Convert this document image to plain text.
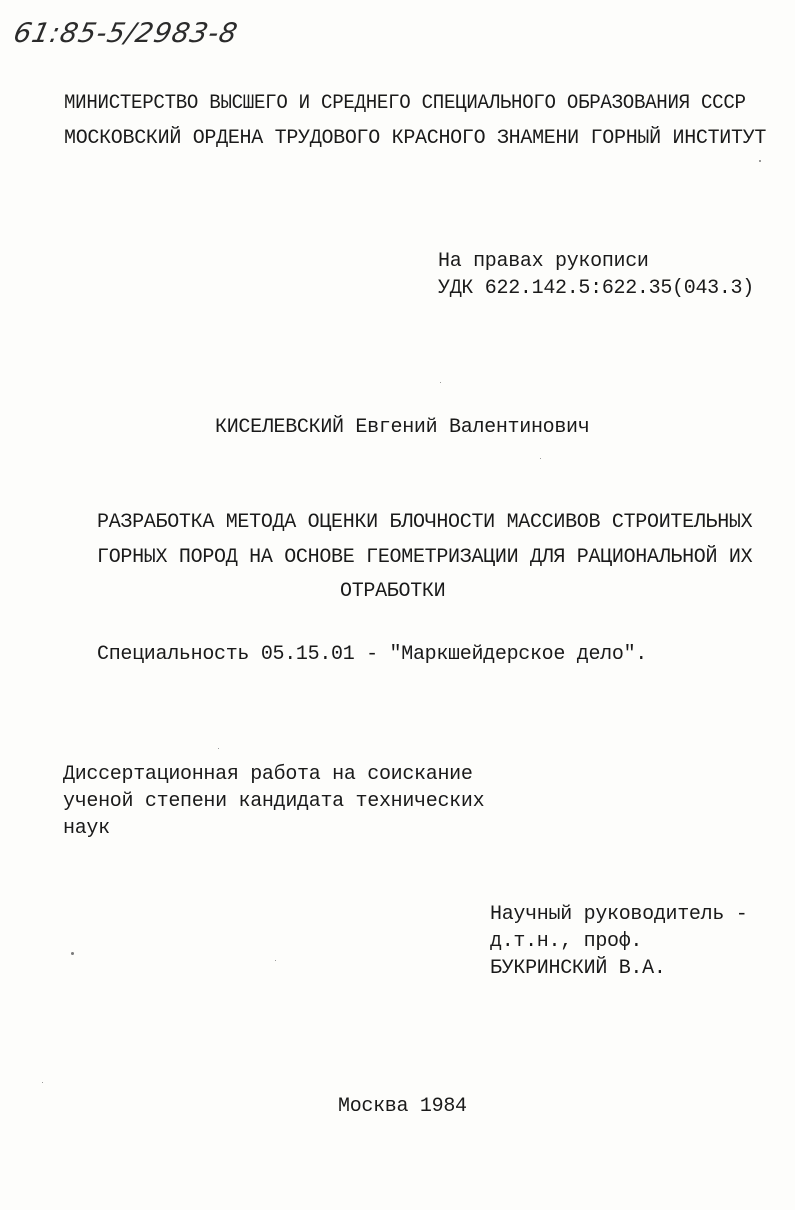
61:85-5/2983-8
МИНИСТЕРСТВО ВЫСШЕГО И СРЕДНЕГО СПЕЦИАЛЬНОГО ОБРАЗОВАНИЯ СССР
МОСКОВСКИЙ ОРДЕНА ТРУДОВОГО КРАСНОГО ЗНАМЕНИ ГОРНЫЙ ИНСТИТУТ
На правах рукописи
УДК 622.142.5:622.35(043.3)
КИСЕЛЕВСКИЙ Евгений Валентинович
РАЗРАБОТКА МЕТОДА ОЦЕНКИ БЛОЧНОСТИ МАССИВОВ СТРОИТЕЛЬНЫХ
ГОРНЫХ ПОРОД НА ОСНОВЕ ГЕОМЕТРИЗАЦИИ ДЛЯ РАЦИОНАЛЬНОЙ ИХ
ОТРАБОТКИ
Специальность 05.15.01 - "Маркшейдерское дело".
Диссертационная работа на соискание
ученой степени кандидата технических
наук
Научный руководитель -
д.т.н., проф.
БУКРИНСКИЙ В.А.
Москва 1984
